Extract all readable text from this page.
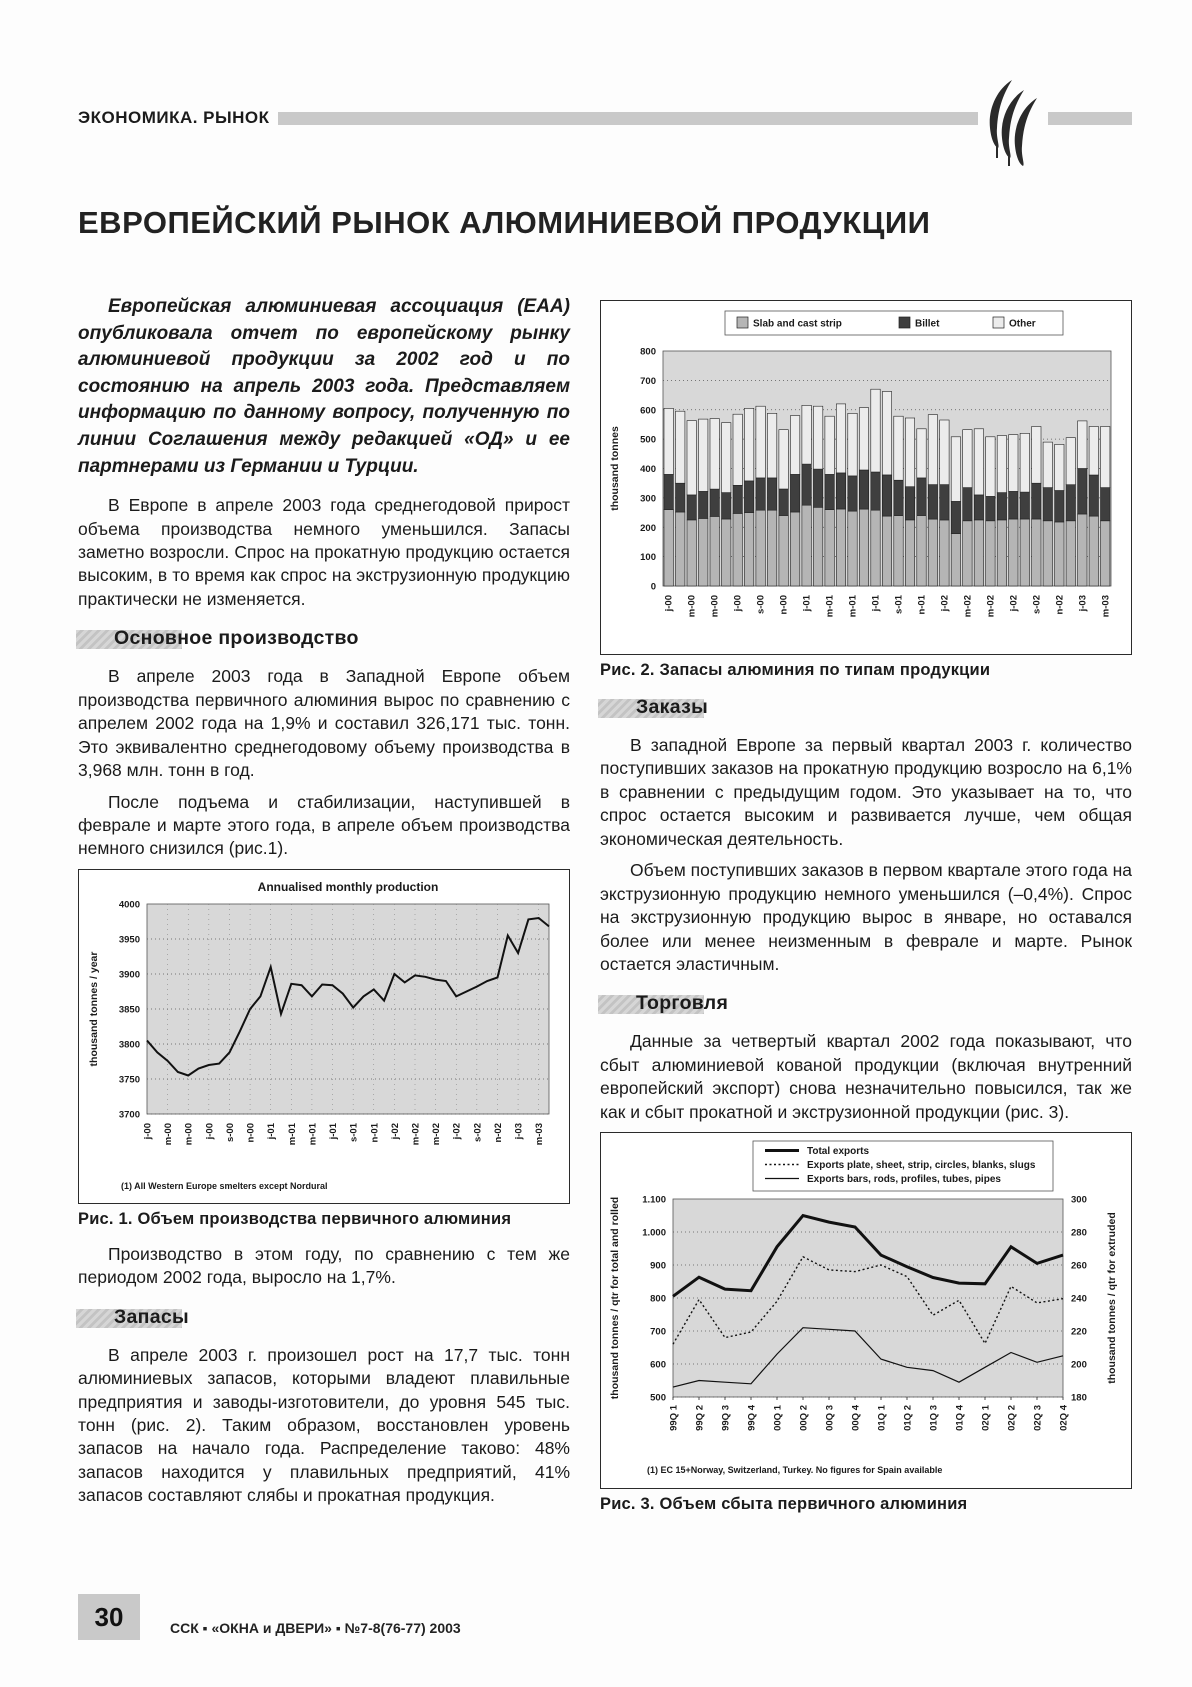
ЭКОНОМИКА. РЫНОК
ЕВРОПЕЙСКИЙ РЫНОК АЛЮМИНИЕВОЙ ПРОДУКЦИИ

Европейская алюминиевая ассоциация (ЕАА) опубликовала отчет по европейскому рынку алюминиевой продукции за 2002 год и по состоянию на апрель 2003 года. Представляем информацию по данному вопросу, полученную по линии Соглашения между редакцией «ОД» и ее партнерами из Германии и Турции.

В Европе в апреле 2003 года среднегодовой прирост объема производства немного уменьшился. Запасы заметно возросли. Спрос на прокатную продукцию остается высоким, в то время как спрос на экструзионную продукцию практически не изменяется.

Основное производство

В апреле 2003 года в Западной Европе объем производства первичного алюминия вырос по сравнению с апрелем 2002 года на 1,9% и составил 326,171 тыс. тонн. Это эквивалентно среднегодовому объему производства в 3,968 млн. тонн в год.

После подъема и стабилизации, наступившей в феврале и марте этого года, в апреле объем производства немного снизился (рис.1).

3700
3750
3800
3850
3900
3950
4000
j-00 m-00 m-00 j-00 s-00 n-00 j-01 m-01 m-01 j-01 s-01 n-01 j-02 m-02 m-02 j-02 s-02 n-02 j-03 m-03
Annualised monthly production
thousand tonnes / year
(1) All Western Europe smelters except Nordural
Рис. 1. Объем производства первичного алюминия

Производство в этом году, по сравнению с тем же периодом 2002 года, выросло на 1,7%.

Запасы

В апреле 2003 г. произошел рост на 17,7 тыс. тонн алюминиевых запасов, которыми владеют плавильные предприятия и заводы-изготовители, до уровня 545 тыс. тонн (рис. 2). Таким образом, восстановлен уровень запасов на начало года. Распределение таково: 48% запасов находится у плавильных предприятий, 41% запасов составляют слябы и прокатная продукция.

0
100
200
300
400
500
600
700
800
j-00 m-00 m-00 j-00 s-00 n-00 j-01 m-01 m-01 j-01 s-01 n-01 j-02 m-02 m-02 j-02 s-02 n-02 j-03 m-03
Slab and cast strip	Billet	Other
thousand tonnes
Рис. 2. Запасы алюминия по типам продукции
Заказы

В западной Европе за первый квартал 2003 г. количество поступивших заказов на прокатную продукцию возросло на 6,1% в сравнении с предыдущим годом. Это указывает на то, что спрос остается высоким и развивается лучше, чем общая экономическая деятельность.

Объем поступивших заказов в первом квартале этого года на экструзионную продукцию немного уменьшился (–0,4%). Спрос на экструзионную продукцию вырос в январе, но оставался более или менее неизменным в феврале и марте. Рынок остается эластичным.

Торговля

Данные за четвертый квартал 2002 года показывают, что сбыт алюминиевой кованой продукции (включая внутренний европейский экспорт) снова незначительно повысился, так же как и сбыт прокатной и экструзионной продукции (рис. 3).

1.100
1.000
900
800
700
600
500
300
280
260
240
220
200
180
99Q 1 99Q 2 99Q 3 99Q 4 00Q 1 00Q 2 00Q 3 00Q 4 01Q 1 01Q 2 01Q 3 01Q 4 02Q 1 02Q 2 02Q 3 02Q 4
Total exports
Exports plate, sheet, strip, circles, blanks, slugs
Exports bars, rods, profiles, tubes, pipes
thousand tonnes / qtr for total and rolled	thousand tonnes / qtr for extruded
(1) EC 15+Norway, Switzerland, Turkey. No figures for Spain available
Рис. 3. Объем сбыта первичного алюминия
30	ССК ▪ «ОКНА и ДВЕРИ» ▪ №7-8(76-77) 2003
